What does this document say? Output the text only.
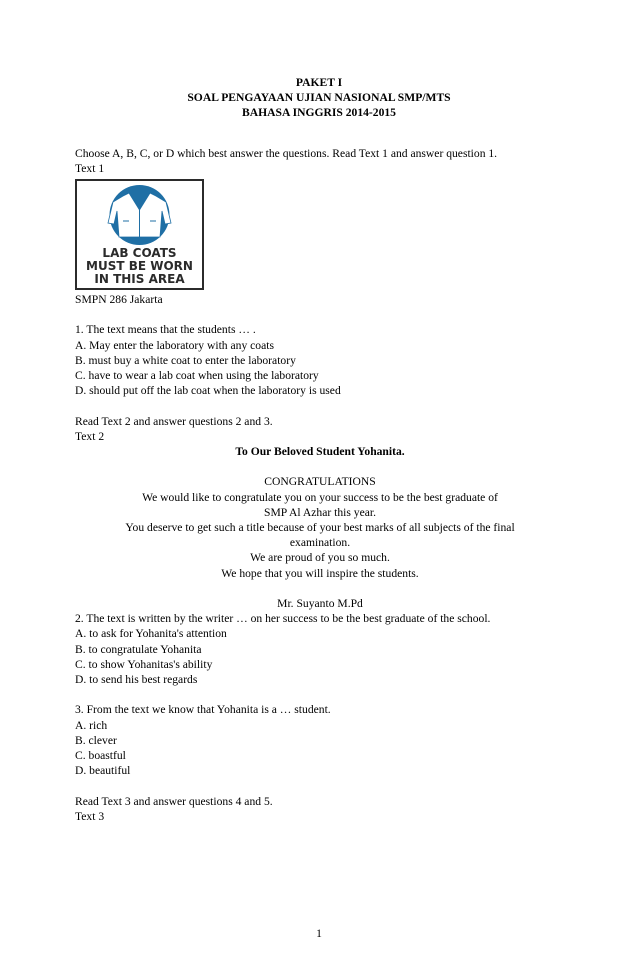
PAKET I
SOAL PENGAYAAN UJIAN NASIONAL SMP/MTS
BAHASA INGGRIS 2014-2015
Choose A, B, C, or D which best answer the questions. Read Text 1 and answer question 1.
Text 1
LAB COATS
MUST BE WORN
IN THIS AREA
SMPN 286 Jakarta
1. The text means that the students … .
A. May enter the laboratory with any coats
B. must buy a white coat to enter the laboratory
C. have to wear a lab coat when using the laboratory
D. should put off the lab coat when the laboratory is used
Read Text 2 and answer questions 2 and 3.
Text 2
To Our Beloved Student Yohanita.
CONGRATULATIONS
We would like to congratulate you on your success to be the best graduate of
SMP Al Azhar this year.
You deserve to get such a title because of your best marks of all subjects of the final
examination.
We are proud of you so much.
We hope that you will inspire the students.
Mr. Suyanto M.Pd
2. The text is written by the writer … on her success to be the best graduate of the school.
A. to ask for Yohanita's attention
B. to congratulate Yohanita
C. to show Yohanitas's ability
D. to send his best regards
3. From the text we know that Yohanita is a … student.
A. rich
B. clever
C. boastful
D. beautiful
Read Text 3 and answer questions 4 and 5.
Text 3
1
